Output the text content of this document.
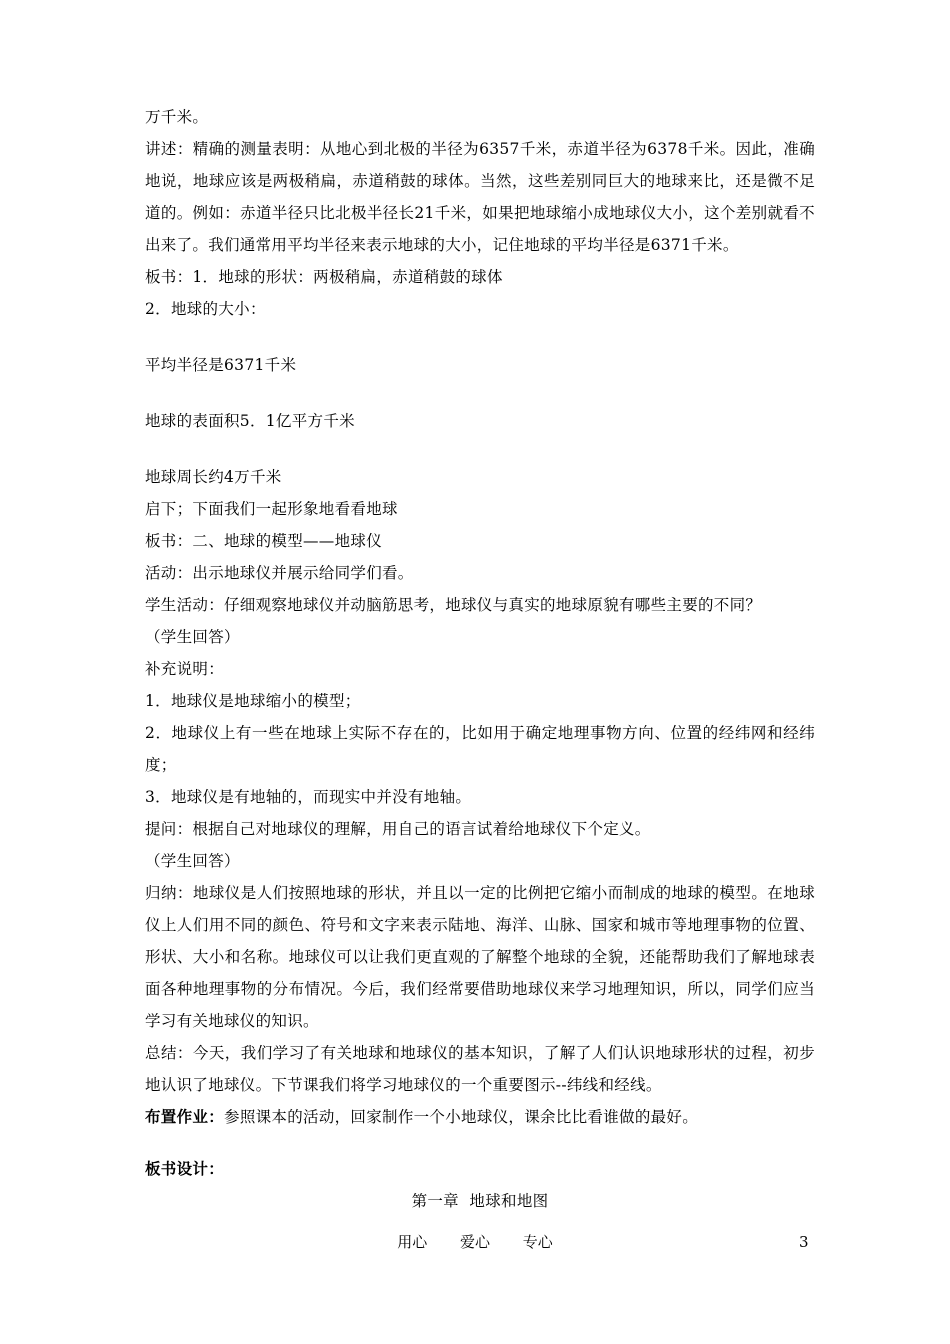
万千米。

讲述：精确的测量表明：从地心到北极的半径为6357千米，赤道半径为6378千米。因此，准确地说，地球应该是两极稍扁，赤道稍鼓的球体。当然，这些差别同巨大的地球来比，还是微不足道的。例如：赤道半径只比北极半径长21千米，如果把地球缩小成地球仪大小，这个差别就看不出来了。我们通常用平均半径来表示地球的大小，记住地球的平均半径是6371千米。

板书：1．地球的形状：两极稍扁，赤道稍鼓的球体

2．地球的大小：

平均半径是6371千米

地球的表面积5．1亿平方千米

地球周长约4万千米

启下；下面我们一起形象地看看地球

板书：二、地球的模型——地球仪

活动：出示地球仪并展示给同学们看。

学生活动：仔细观察地球仪并动脑筋思考，地球仪与真实的地球原貌有哪些主要的不同？

（学生回答）

补充说明：

1．地球仪是地球缩小的模型；

2．地球仪上有一些在地球上实际不存在的，比如用于确定地理事物方向、位置的经纬网和经纬度；

3．地球仪是有地轴的，而现实中并没有地轴。

提问：根据自己对地球仪的理解，用自己的语言试着给地球仪下个定义。

（学生回答）

归纳：地球仪是人们按照地球的形状，并且以一定的比例把它缩小而制成的地球的模型。在地球仪上人们用不同的颜色、符号和文字来表示陆地、海洋、山脉、国家和城市等地理事物的位置、形状、大小和名称。地球仪可以让我们更直观的了解整个地球的全貌，还能帮助我们了解地球表面各种地理事物的分布情况。今后，我们经常要借助地球仪来学习地理知识，所以，同学们应当学习有关地球仪的知识。

总结：今天，我们学习了有关地球和地球仪的基本知识，了解了人们认识地球形状的过程，初步地认识了地球仪。下节课我们将学习地球仪的一个重要图示--纬线和经线。

布置作业：参照课本的活动，回家制作一个小地球仪，课余比比看谁做的最好。

板书设计：

第一章  地球和地图

用心 爱心 专心	3
